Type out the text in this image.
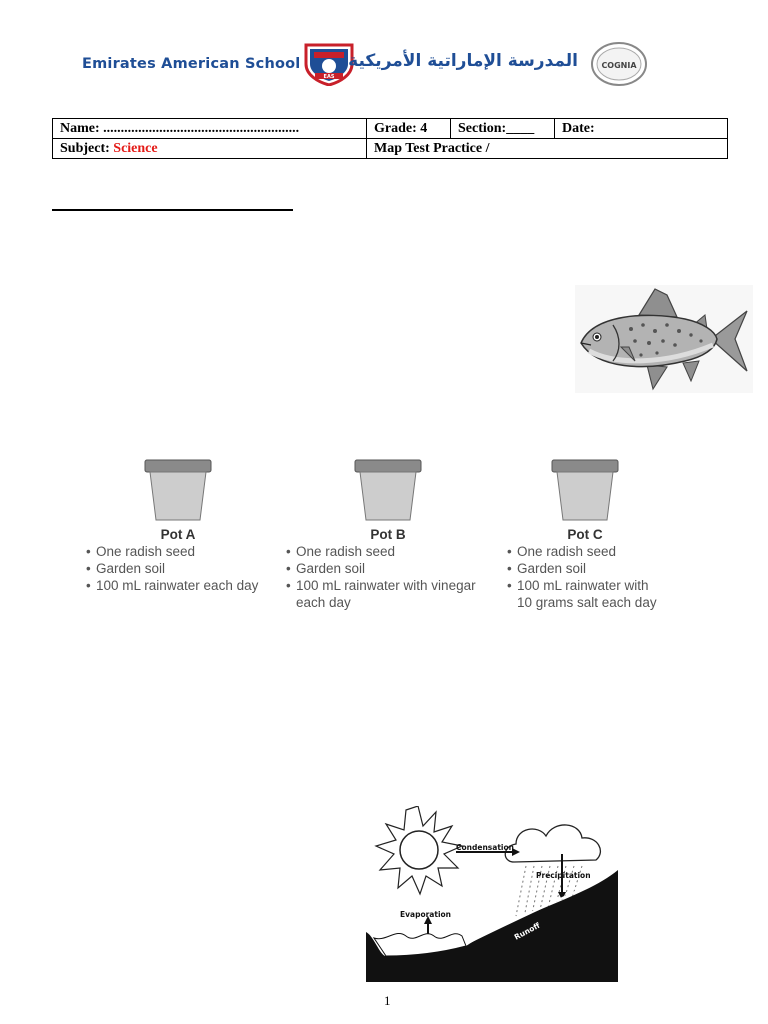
Emirates American School
EAS
المدرسة الإماراتية الأمريكية	COGNIA
Name: ........................................................	Grade: 4	Section:____	Date:
Subject: Science	Map Test Practice /		
Pot A
• One radish seed
• Garden soil
• 100 mL rainwater each day
Pot B
• One radish seed
• Garden soil
• 100 mL rainwater with vinegar
each day
Pot C
• One radish seed
• Garden soil
• 100 mL rainwater with
10 grams salt each day
Condensation
Precipitation
Evaporation
Runoff
1
